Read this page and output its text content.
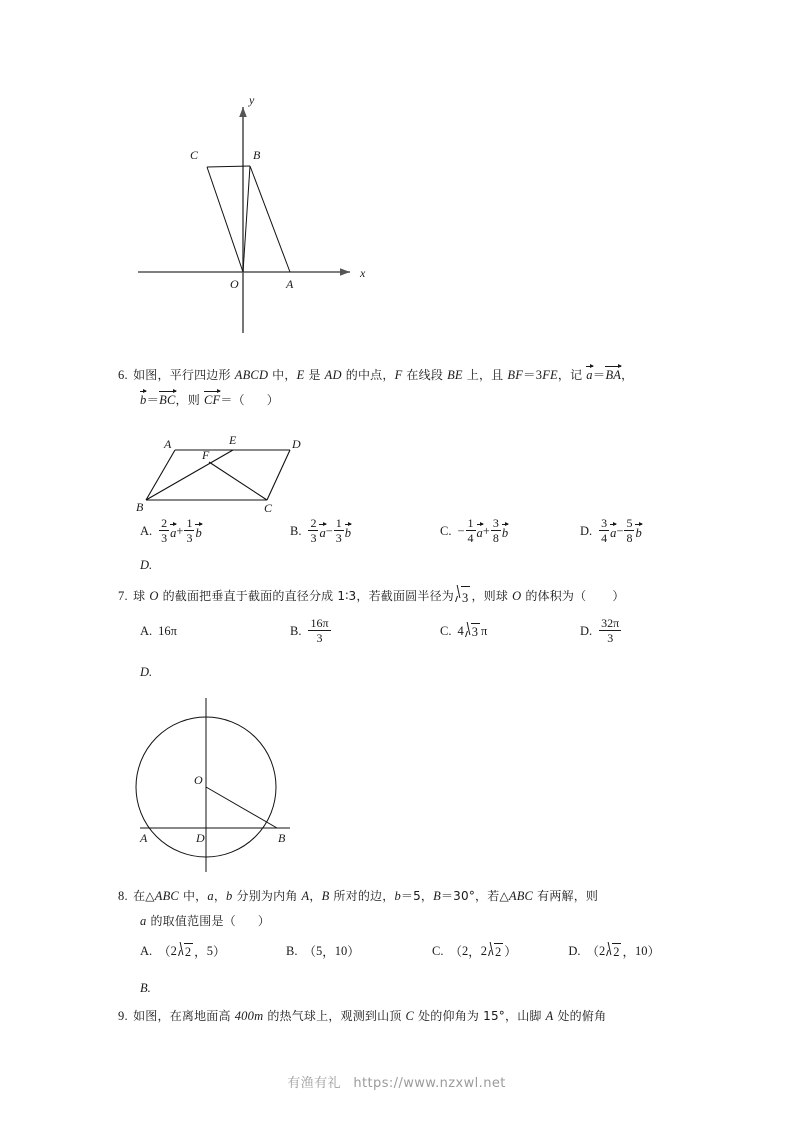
x
y
O	A
B
C
6. 如图，平行四边形 ABCD 中，E 是 AD 的中点，F 在线段 BE 上，且 BF＝3FE，记 a
＝BA
，
b
＝BC
，则 CF
＝（ ）
A
B	C
D
E
F
A. $\frac{2}{3}$ $a + \frac{1}{3}$ b	B. $\frac{2}{3}$ $a - \frac{1}{3}$ b	C. − $\frac{1}{4}$ $a + \frac{3}{8}$ b	D. $\frac{3}{4}$ $a - \frac{5}{8}$ b
D.
7. 球 O 的截面把垂直于截面的直径分成 1∶3，若截面圆半径为 3 ，则球 O 的体积为（ ）
A. 16π	B. $\frac{16\pi}{3}$	C. 4 3 π	D. $\frac{32\pi}{3}$
D.
O
A	D	B
8. 在△ABC 中，a，b 分别为内角 A，B 所对的边，b＝5，B＝30°，若△ABC 有两解，则
a 的取值范围是（ ）
A. （ 2 2 ， 5 ）	B. （ 5 ， 10 ）	C. （ 2 ， 2 2 ）	D. （ 2 2 ， 10 ）
B.
9. 如图，在离地面高 400m 的热气球上，观测到山顶 C 处的仰角为 15°，山脚 A 处的俯角
有渔有礼 https://www.nzxwl.net
